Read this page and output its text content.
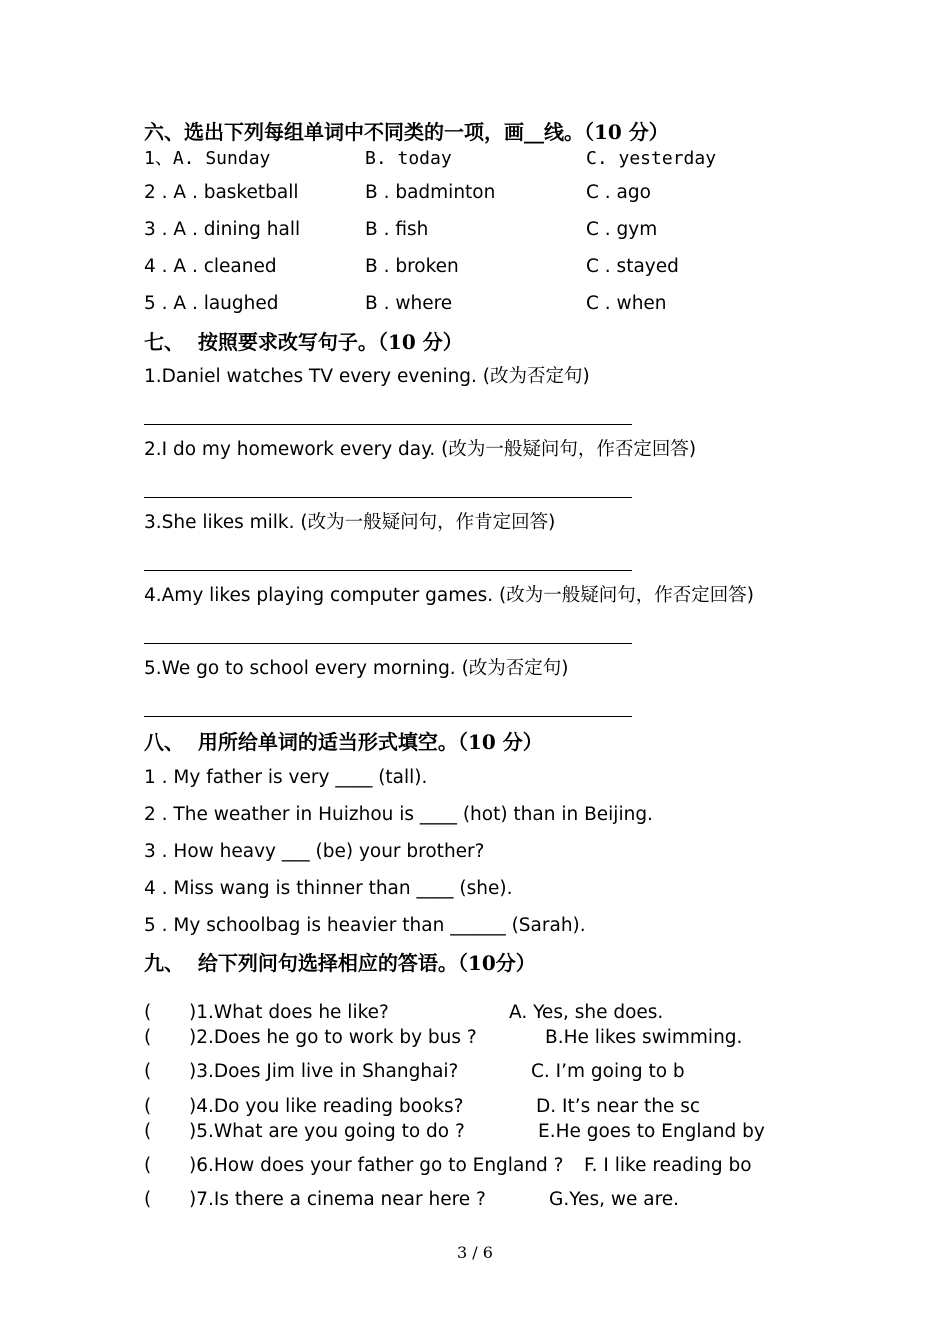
六、选出下列每组单词中不同类的一项，画__线。（10 分）
1、A. Sunday	B. today	C. yesterday
2 . A . basketball	B . badminton	C . ago
3 . A . dining hall	B . fish	C . gym
4 . A . cleaned	B . broken	C . stayed
5 . A . laughed	B . where	C . when
七、  按照要求改写句子。（10 分）
1.Daniel watches TV every evening. (改为否定句)
2.I do my homework every day. (改为一般疑问句，作否定回答)
3.She likes milk. (改为一般疑问句，作肯定回答)
4.Amy likes playing computer games. (改为一般疑问句，作否定回答)
5.We go to school every morning. (改为否定句)
八、  用所给单词的适当形式填空。（10 分）
1 . My father is very ____ (tall).
2 . The weather in Huizhou is ____ (hot) than in Beijing.
3 . How heavy ___ (be) your brother?
4 . Miss wang is thinner than ____ (she).
5 . My schoolbag is heavier than ______ (Sarah).
九、  给下列问句选择相应的答语。（10分）
( )1.What does he like?	A. Yes, she does.
( )2.Does he go to work by bus ?	B.He likes swimming.
( )3.Does Jim live in Shanghai?	C. I’m going to b
( )4.Do you like reading books?	D. It’s near the sc
( )5.What are you going to do ?	E.He goes to England by
( )6.How does your father go to England ? F. I like reading bo
( )7.Is there a cinema near here ?	G.Yes, we are.
3 / 6
